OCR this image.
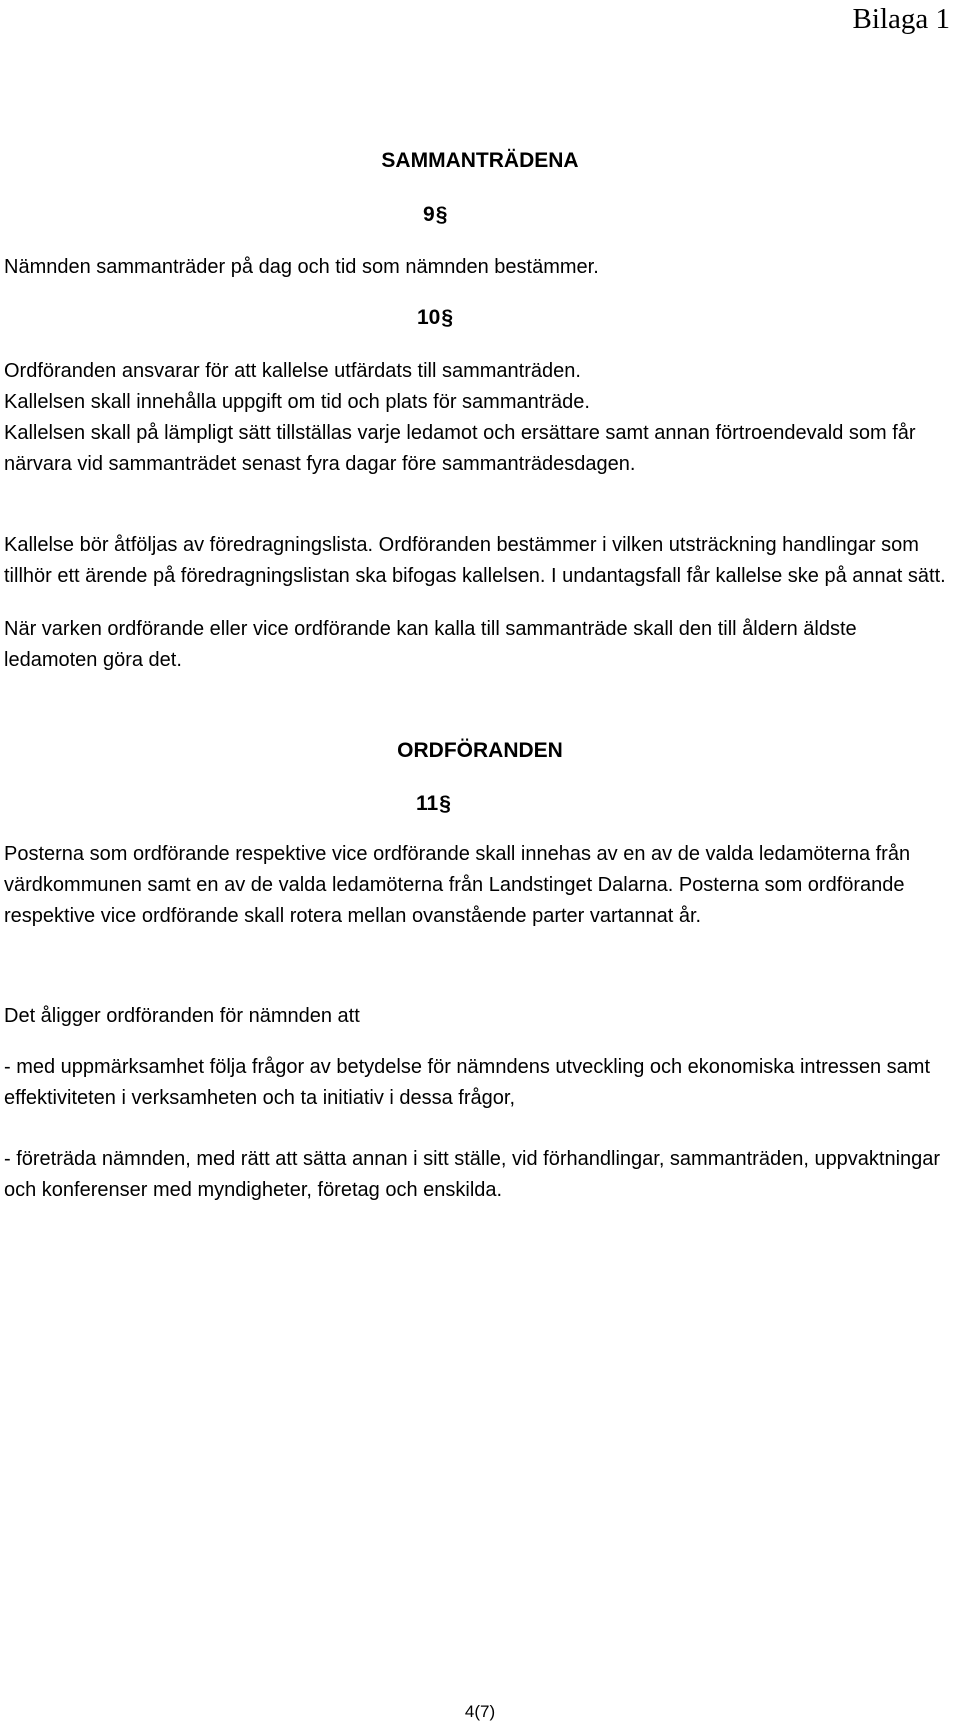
Bilaga 1
SAMMANTRÄDENA
9§

Nämnden sammanträder på dag och tid som nämnden bestämmer.

10§

Ordföranden ansvarar för att kallelse utfärdats till sammanträden.

Kallelsen skall innehålla uppgift om tid och plats för sammanträde.

Kallelsen skall på lämpligt sätt tillställas varje ledamot och ersättare samt annan förtroendevald som får närvara vid sammanträdet senast fyra dagar före sammanträdesdagen.

Kallelse bör åtföljas av föredragningslista. Ordföranden bestämmer i vilken utsträckning handlingar som tillhör ett ärende på föredragningslistan ska bifogas kallelsen. I undantagsfall får kallelse ske på annat sätt.

När varken ordförande eller vice ordförande kan kalla till sammanträde skall den till åldern äldste ledamoten göra det.

ORDFÖRANDEN
11§

Posterna som ordförande respektive vice ordförande skall innehas av en av de valda ledamöterna från värdkommunen samt en av de valda ledamöterna från Landstinget Dalarna. Posterna som ordförande respektive vice ordförande skall rotera mellan ovanstående parter vartannat år.

Det åligger ordföranden för nämnden att

- med uppmärksamhet följa frågor av betydelse för nämndens utveckling och ekonomiska intressen samt effektiviteten i verksamheten och ta initiativ i dessa frågor,

- företräda nämnden, med rätt att sätta annan i sitt ställe, vid förhandlingar, sammanträden, uppvaktningar och konferenser med myndigheter, företag och enskilda.

4(7)
